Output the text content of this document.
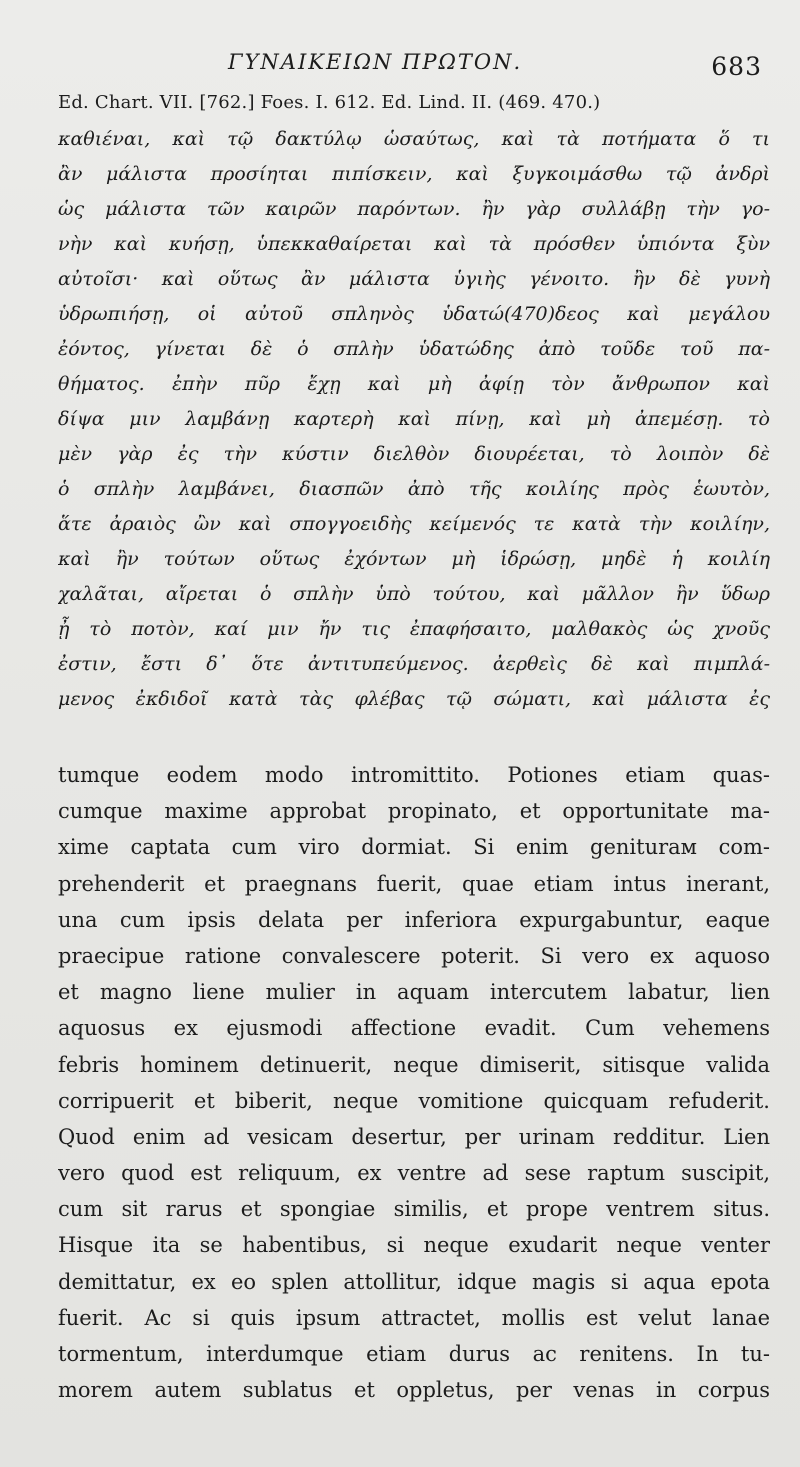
ΓΥΝΑΙΚΕΙΩΝ ΠΡΩΤΟΝ.	683
Ed. Chart. VII. [762.] Foes. I. 612. Ed. Lind. II. (469. 470.)
καθιέναι, καὶ τῷ δακτύλῳ ὡσαύτως, καὶ τὰ ποτήματα ὅ τι
ἂν μάλιστα προσίηται πιπίσκειν, καὶ ξυγκοιμάσθω τῷ ἀνδρὶ
ὡς μάλιστα τῶν καιρῶν παρόντων. ἢν γὰρ συλλάβῃ τὴν γο-
νὴν καὶ κυήσῃ, ὑπεκκαθαίρεται καὶ τὰ πρόσθεν ὑπιόντα ξὺν
αὐτοῖσι· καὶ οὕτως ἂν μάλιστα ὑγιὴς γένοιτο. ἢν δὲ γυνὴ
ὑδρωπιήσῃ, οἱ αὐτοῦ σπληνὸς ὑδατώ(470)δεος καὶ μεγάλου
ἐόντος, γίνεται δὲ ὁ σπλὴν ὑδατώδης ἀπὸ τοῦδε τοῦ πα-
θήματος. ἐπὴν πῦρ ἔχῃ καὶ μὴ ἀφίῃ τὸν ἄνθρωπον καὶ
δίψα μιν λαμβάνῃ καρτερὴ καὶ πίνῃ, καὶ μὴ ἀπεμέσῃ. τὸ
μὲν γὰρ ἐς τὴν κύστιν διελθὸν διουρέεται, τὸ λοιπὸν δὲ
ὁ σπλὴν λαμβάνει, διασπῶν ἀπὸ τῆς κοιλίης πρὸς ἑωυτὸν,
ἅτε ἀραιὸς ὢν καὶ σπογγοειδὴς κείμενός τε κατὰ τὴν κοιλίην,
καὶ ἢν τούτων οὕτως ἐχόντων μὴ ἱδρώσῃ, μηδὲ ἡ κοιλίη
χαλᾶται, αἴρεται ὁ σπλὴν ὑπὸ τούτου, καὶ μᾶλλον ἢν ὕδωρ
ᾖ τὸ ποτὸν, καί μιν ἤν τις ἐπαφήσαιτο, μαλθακὸς ὡς χνοῦς
ἐστιν, ἔστι δ᾽ ὅτε ἀντιτυπεύμενος. ἀερθεὶς δὲ καὶ πιμπλά-
μενος ἐκδιδοῖ κατὰ τὰς φλέβας τῷ σώματι, καὶ μάλιστα ἐς
tumque eodem modo intromittito. Potiones etiam quas-
cumque maxime approbat propinato, et opportunitate ma-
xime captata cum viro dormiat. Si enim geniturам com-
prehenderit et praegnans fuerit, quae etiam intus inerant,
una cum ipsis delata per inferiora expurgabuntur, eaque
praecipue ratione convalescere poterit. Si vero ex aquoso
et magno liene mulier in aquam intercutem labatur, lien
aquosus ex ejusmodi affectione evadit. Cum vehemens
febris hominem detinuerit, neque dimiserit, sitisque valida
corripuerit et biberit, neque vomitione quicquam refuderit.
Quod enim ad vesicam desertur, per urinam redditur. Lien
vero quod est reliquum, ex ventre ad sese raptum suscipit,
cum sit rarus et spongiae similis, et prope ventrem situs.
Hisque ita se habentibus, si neque exudarit neque venter
demittatur, ex eo splen attollitur, idque magis si aqua epota
fuerit. Ac si quis ipsum attractet, mollis est velut lanae
tormentum, interdumque etiam durus ac renitens. In tu-
morem autem sublatus et oppletus, per venas in corpus
